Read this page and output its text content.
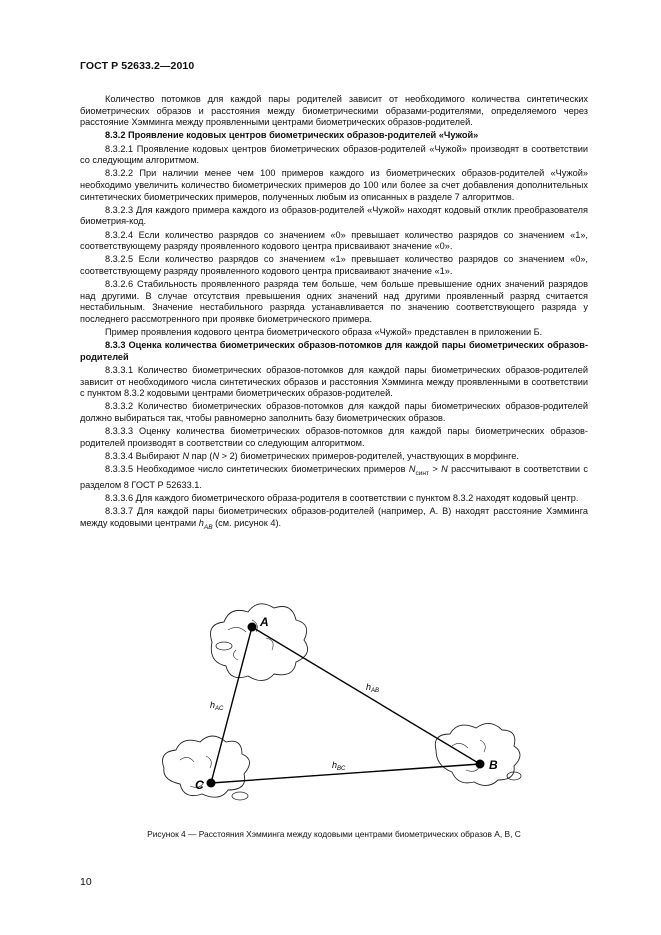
ГОСТ Р 52633.2—2010

Количество потомков для каждой пары родителей зависит от необходимого количества синтетических биометрических образов и расстояния между биометрическими образами-родителями, определяемого через расстояние Хэмминга между проявленными центрами биометрических образов-родителей.

8.3.2 Проявление кодовых центров биометрических образов-родителей «Чужой»

8.3.2.1 Проявление кодовых центров биометрических образов-родителей «Чужой» производят в соответствии со следующим алгоритмом.

8.3.2.2 При наличии менее чем 100 примеров каждого из биометрических образов-родителей «Чужой» необходимо увеличить количество биометрических примеров до 100 или более за счет добавления дополнительных синтетических биометрических примеров, полученных любым из описанных в разделе 7 алгоритмов.

8.3.2.3 Для каждого примера каждого из образов-родителей «Чужой» находят кодовый отклик преобразователя биометрия-код.

8.3.2.4 Если количество разрядов со значением «0» превышает количество разрядов со значением «1», соответствующему разряду проявленного кодового центра присваивают значение «0».

8.3.2.5 Если количество разрядов со значением «1» превышает количество разрядов со значением «0», соответствующему разряду проявленного кодового центра присваивают значение «1».

8.3.2.6 Стабильность проявленного разряда тем больше, чем больше превышение одних значений разрядов над другими. В случае отсутствия превышения одних значений над другими проявленный разряд считается нестабильным. Значение нестабильного разряда устанавливается по значению соответствующего разряда у последнего рассмотренного при проявке биометрического примера.

Пример проявления кодового центра биометрического образа «Чужой» представлен в приложении Б.

8.3.3 Оценка количества биометрических образов-потомков для каждой пары биометрических образов-родителей

8.3.3.1 Количество биометрических образов-потомков для каждой пары биометрических образов-родителей зависит от необходимого числа синтетических образов и расстояния Хэмминга между проявленными в соответствии с пунктом 8.3.2 кодовыми центрами биометрических образов-родителей.

8.3.3.2 Количество биометрических образов-потомков для каждой пары биометрических образов-родителей должно выбираться так, чтобы равномерно заполнить базу биометрических образов.

8.3.3.3 Оценку количества биометрических образов-потомков для каждой пары биометрических образов-родителей производят в соответствии со следующим алгоритмом.

8.3.3.4 Выбирают N пар (N > 2) биометрических примеров-родителей, участвующих в морфинге.

8.3.3.5 Необходимое число синтетических биометрических примеров $N_{синт} > N$ рассчитывают в соответствии с разделом 8 ГОСТ Р 52633.1.

8.3.3.6 Для каждого биометрического образа-родителя в соответствии с пунктом 8.3.2 находят кодовый центр.

8.3.3.7 Для каждой пары биометрических образов-родителей (например, А. В) находят расстояние Хэмминга между кодовыми центрами $h_{AB}$ (см. рисунок 4).

A
B
C
$h_{AB}$
$h_{AC}$
$h_{BC}$
Рисунок 4 — Расстояния Хэмминга между кодовыми центрами биометрических образов А, В, С
10
